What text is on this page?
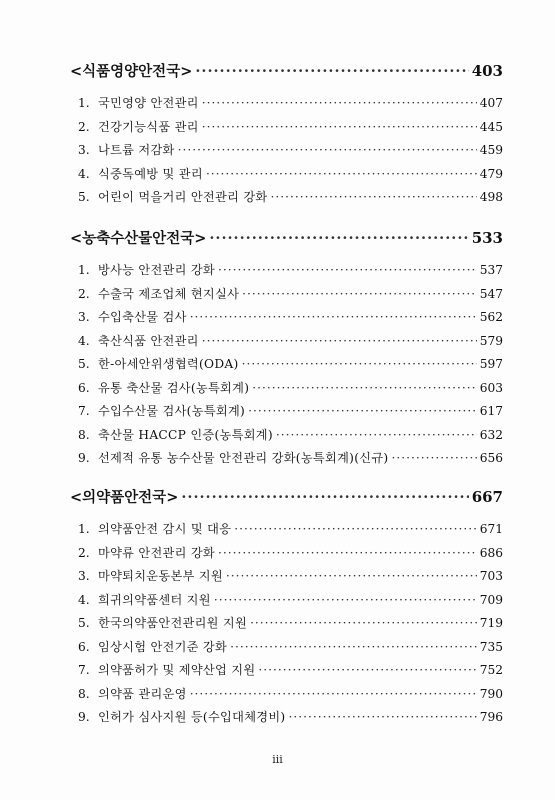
<식품영양안전국> ·····	403
1. 국민영양 안전관리 ·····	407
2. 건강기능식품 관리 ·····	445
3. 나트륨 저감화 ·····	459
4. 식중독예방 및 관리 ·····	479
5. 어린이 먹을거리 안전관리 강화 ·····	498
<농축수산물안전국> ·····	533
1. 방사능 안전관리 강화 ·····	537
2. 수출국 제조업체 현지실사 ·····	547
3. 수입축산물 검사 ·····	562
4. 축산식품 안전관리 ·····	579
5. 한-아세안위생협력(ODA) ·····	597
6. 유통 축산물 검사(농특회계) ·····	603
7. 수입수산물 검사(농특회계) ·····	617
8. 축산물 HACCP 인증(농특회계) ·····	632
9. 선제적 유통 농수산물 안전관리 강화(농특회계)(신규) ·····	656
<의약품안전국> ·····	667
1. 의약품안전 감시 및 대응 ·····	671
2. 마약류 안전관리 강화 ·····	686
3. 마약퇴치운동본부 지원 ·····	703
4. 희귀의약품센터 지원 ·····	709
5. 한국의약품안전관리원 지원 ·····	719
6. 임상시험 안전기준 강화 ·····	735
7. 의약품허가 및 제약산업 지원 ·····	752
8. 의약품 관리운영 ·····	790
9. 인허가 심사지원 등(수입대체경비) ·····	796
iii
